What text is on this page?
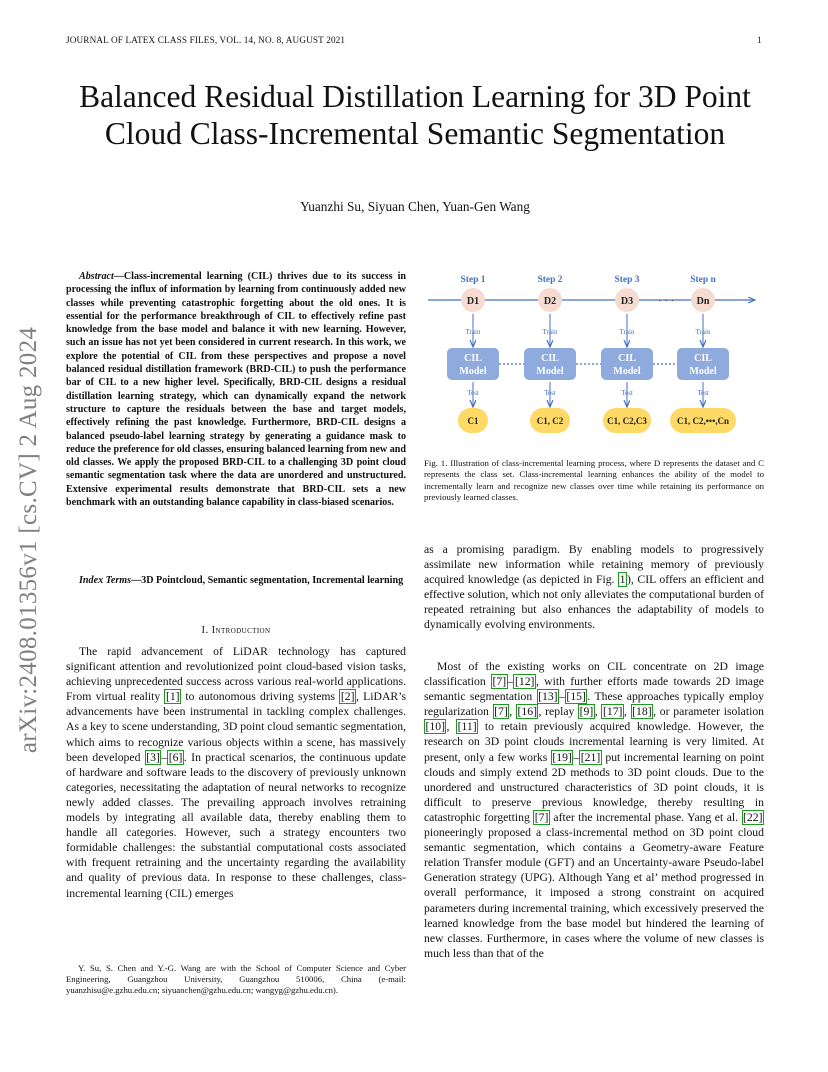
JOURNAL OF LATEX CLASS FILES, VOL. 14, NO. 8, AUGUST 2021	1
Balanced Residual Distillation Learning for 3D Point Cloud Class-Incremental Semantic Segmentation
Yuanzhi Su, Siyuan Chen, Yuan-Gen Wang
arXiv:2408.01356v1 [cs.CV] 2 Aug 2024
Abstract—Class-incremental learning (CIL) thrives due to its success in processing the influx of information by learning from continuously added new classes while preventing catastrophic forgetting about the old ones. It is essential for the performance breakthrough of CIL to effectively refine past knowledge from the base model and balance it with new learning. However, such an issue has not yet been considered in current research. In this work, we explore the potential of CIL from these perspectives and propose a novel balanced residual distillation framework (BRD-CIL) to push the performance bar of CIL to a new higher level. Specifically, BRD-CIL designs a residual distillation learning strategy, which can dynamically expand the network structure to capture the residuals between the base and target models, effectively refining the past knowledge. Furthermore, BRD-CIL designs a balanced pseudo-label learning strategy by generating a guidance mask to reduce the preference for old classes, ensuring balanced learning from new and old classes. We apply the proposed BRD-CIL to a challenging 3D point cloud semantic segmentation task where the data are unordered and unstructured. Extensive experimental results demonstrate that BRD-CIL sets a new benchmark with an outstanding balance capability in class-biased scenarios.
Index Terms—3D Pointcloud, Semantic segmentation, Incremental learning
I. Introduction
The rapid advancement of LiDAR technology has captured significant attention and revolutionized point cloud-based vision tasks, achieving unprecedented success across various real-world applications. From virtual reality [1] to autonomous driving systems [2] , LiDAR’s advancements have been instrumental in tackling complex challenges. As a key to scene understanding, 3D point cloud semantic segmentation, which aims to recognize various objects within a scene, has massively been developed [3] – [6] . In practical scenarios, the continuous update of hardware and software leads to the discovery of previously unknown categories, necessitating the adaptation of neural networks to recognize newly added classes. The prevailing approach involves retraining models by integrating all available data, thereby enabling them to handle all categories. However, such a strategy encounters two formidable challenges: the substantial computational costs associated with frequent retraining and the uncertainty regarding the availability and quality of previous data. In response to these challenges, class-incremental learning (CIL) emerges
Y. Su, S. Chen and Y.-G. Wang are with the School of Computer Science and Cyber Engineering, Guangzhou University, Guangzhou 510006, China (e-mail: yuanzhisu@e.gzhu.edu.cn; siyuanchen@gzhu.edu.cn; wangyg@gzhu.edu.cn).
Step 1	Step 2	Step 3	Step n
D1
Train
CIL
Model
Test
C1
D2
Train
CIL
Model
Test
C1, C2
D3
Train
CIL
Model
Test
C1, C2,C3
Dn
Train
CIL
Model
Test
C1, C2,•••,Cn
· · ·
Fig. 1. Illustration of class-incremental learning process, where D represents the dataset and C represents the class set. Class-incremental learning enhances the ability of the model to incrementally learn and recognize new classes over time while retaining its performance on previously learned classes.
as a promising paradigm. By enabling models to progressively assimilate new information while retaining memory of previously acquired knowledge (as depicted in Fig. 1 ), CIL offers an efficient and effective solution, which not only alleviates the computational burden of repeated retraining but also enhances the adaptability of models to dynamically evolving environments.
Most of the existing works on CIL concentrate on 2D image classification [7] – [12] , with further efforts made towards 2D image semantic segmentation [13] – [15] . These approaches typically employ regularization [7] , [16] , replay [9] , [17] , [18] , or parameter isolation [10] , [11] to retain previously acquired knowledge. However, the research on 3D point clouds incremental learning is very limited. At present, only a few works [19] – [21] put incremental learning on point clouds and simply extend 2D methods to 3D point clouds. Due to the unordered and unstructured characteristics of 3D point clouds, it is difficult to preserve previous knowledge, thereby resulting in catastrophic forgetting [7] after the incremental phase. Yang et al. [22] pioneeringly proposed a class-incremental method on 3D point cloud semantic segmentation, which contains a Geometry-aware Feature relation Transfer module (GFT) and an Uncertainty-aware Pseudo-label Generation strategy (UPG). Although Yang et al’ method progressed in overall performance, it imposed a strong constraint on acquired parameters during incremental training, which excessively preserved the learned knowledge from the base model but hindered the learning of new classes. Furthermore, in cases where the volume of new classes is much less than that of the
